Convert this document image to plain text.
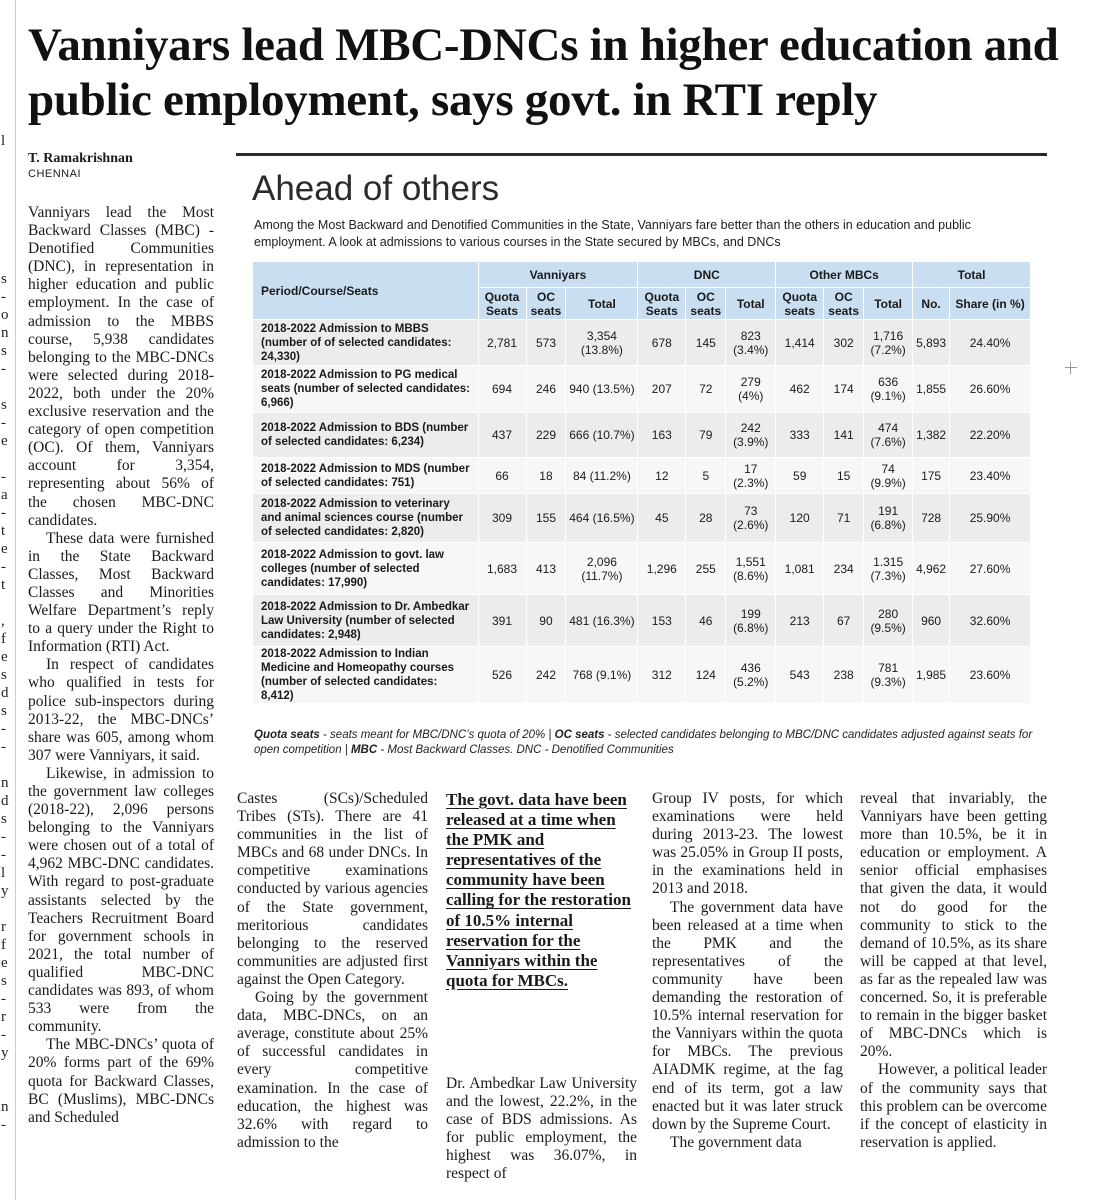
l
s
-
o
n
s
-
s
-
e
-
a
-
t
e
-
t
,
f
e
s
d
s
-
-
n
d
s
-
-
l
y
r
f
e
s
-
r
-
y
n
-
Vanniyars lead MBC-DNCs in higher education and public employment, says govt. in RTI reply
T. Ramakrishnan
CHENNAI

Vanniyars lead the Most Backward Classes (MBC) - Denotified Communities (DNC), in representation in higher education and public employment. In the case of admission to the MBBS course, 5,938 candidates belonging to the MBC-DNCs were selected during 2018-2022, both under the 20% exclusive reservation and the category of open competition (OC). Of them, Vanniyars account for 3,354, representing about 56% of the chosen MBC-DNC candidates.

These data were furnished in the State Backward Classes, Most Backward Classes and Minorities Welfare Department’s reply to a query under the Right to Information (RTI) Act.

In respect of candidates who qualified in tests for police sub-inspectors during 2013-22, the MBC-DNCs’ share was 605, among whom 307 were Vanniyars, it said.

Likewise, in admission to the government law colleges (2018-22), 2,096 persons belonging to the Vanniyars were chosen out of a total of 4,962 MBC-DNC candidates. With regard to post-graduate assistants selected by the Teachers Recruitment Board for government schools in 2021, the total number of qualified MBC-DNC candidates was 893, of whom 533 were from the community.

The MBC-DNCs’ quota of 20% forms part of the 69% quota for Backward Classes, BC (Muslims), MBC-DNCs and Scheduled

Ahead of others
Among the Most Backward and Denotified Communities in the State, Vanniyars fare better than the others in education and public employment. A look at admissions to various courses in the State secured by MBCs, and DNCs
Period/Course/Seats	Vanniyars			DNC			Other MBCs			Total	
	Quota Seats	OC seats	Total	Quota Seats	OC seats	Total	Quota seats	OC seats	Total	No.	Share (in %)
2018-2022 Admission to MBBS (number of of selected candidates: 24,330)	2,781	573	3,354 (13.8%)	678	145	823 (3.4%)	1,414	302	1,716 (7.2%)	5,893	24.40%
2018-2022 Admission to PG medical seats (number of selected candidates: 6,966)	694	246	940 (13.5%)	207	72	279 (4%)	462	174	636 (9.1%)	1,855	26.60%
2018-2022 Admission to BDS (number of selected candidates: 6,234)	437	229	666 (10.7%)	163	79	242 (3.9%)	333	141	474 (7.6%)	1,382	22.20%
2018-2022 Admission to MDS (number of selected candidates: 751)	66	18	84 (11.2%)	12	5	17 (2.3%)	59	15	74 (9.9%)	175	23.40%
2018-2022 Admission to veterinary and animal sciences course (number of selected candidates: 2,820)	309	155	464 (16.5%)	45	28	73 (2.6%)	120	71	191 (6.8%)	728	25.90%
2018-2022 Admission to govt. law colleges (number of selected candidates: 17,990)	1,683	413	2,096 (11.7%)	1,296	255	1,551 (8.6%)	1,081	234	1.315 (7.3%)	4,962	27.60%
2018-2022 Admission to Dr. Ambedkar Law University (number of selected candidates: 2,948)	391	90	481 (16.3%)	153	46	199 (6.8%)	213	67	280 (9.5%)	960	32.60%
2018-2022 Admission to Indian Medicine and Homeopathy courses (number of selected candidates: 8,412)	526	242	768 (9.1%)	312	124	436 (5.2%)	543	238	781 (9.3%)	1,985	23.60%
Quota seats - seats meant for MBC/DNC’s quota of 20% | OC seats - selected candidates belonging to MBC/DNC candidates adjusted against seats for open competition | MBC - Most Backward Classes. DNC - Denotified Communities

Castes (SCs)/Scheduled Tribes (STs). There are 41 communities in the list of MBCs and 68 under DNCs. In competitive examinations conducted by various agencies of the State government, meritorious candidates belonging to the reserved communities are adjusted first against the Open Category.

Going by the government data, MBC-DNCs, on an average, constitute about 25% of successful candidates in every competitive examination. In the case of education, the highest was 32.6% with regard to admission to the

The govt. data have been released at a time when the PMK and representatives of the community have been calling for the restoration of 10.5% internal reservation for the Vanniyars within the quota for MBCs.

Dr. Ambedkar Law University and the lowest, 22.2%, in the case of BDS admissions. As for public employment, the highest was 36.07%, in respect of

Group IV posts, for which examinations were held during 2013-23. The lowest was 25.05% in Group II posts, in the examinations held in 2013 and 2018.

The government data have been released at a time when the PMK and the representatives of the community have been demanding the restoration of 10.5% internal reservation for the Vanniyars within the quota for MBCs. The previous AIADMK regime, at the fag end of its term, got a law enacted but it was later struck down by the Supreme Court.

The government data

reveal that invariably, the Vanniyars have been getting more than 10.5%, be it in education or employment. A senior official emphasises that given the data, it would not do good for the community to stick to the demand of 10.5%, as its share will be capped at that level, as far as the repealed law was concerned. So, it is preferable to remain in the bigger basket of MBC-DNCs which is 20%.

However, a political leader of the community says that this problem can be overcome if the concept of elasticity in reservation is applied.
